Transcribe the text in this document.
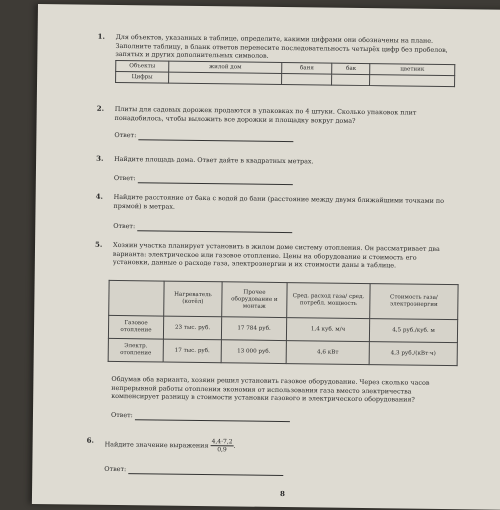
1. Для объектов, указанных в таблице, определите, какими цифрами они обозначены на плане. Заполните таблицу, в бланк ответов перенесите последовательность четырёх цифр без пробелов, запятых и других дополнительных символов.
Объекты	жилой дом	баня	бак	цветник
Цифры				
2. Плиты для садовых дорожек продаются в упаковках по 4 штуки. Сколько упаковок плит понадобилось, чтобы выложить все дорожки и площадку вокруг дома?
Ответ:
3. Найдите площадь дома. Ответ дайте в квадратных метрах.
Ответ:
4. Найдите расстояние от бака с водой до бани (расстояние между двумя ближайшими точками по прямой) в метрах.
Ответ:
5. Хозяин участка планирует установить в жилом доме систему отопления. Он рассматривает два варианта: электрическое или газовое отопление. Цены на оборудование и стоимость его установки, данные о расходе газа, электроэнергии и их стоимости даны в таблице.
	Нагреватель (котёл)	Прочее оборудование и монтаж	Сред. расход газа/ сред. потребл. мощность	Стоимость газа/ электроэнергии
Газовое отопление	23 тыс. руб.	17 784 руб.	1,4 куб. м/ч	4,5 руб./куб. м
Электр. отопление	17 тыс. руб.	13 000 руб.	4,6 кВт	4,3 руб./(кВт·ч)
Обдумав оба варианта, хозяин решил установить газовое оборудование. Через сколько часов непрерывной работы отопления экономия от использования газа вместо электричества компенсирует разницу в стоимости установки газового и электрического оборудования?
Ответ:
6.
Найдите значение выражения $\frac{4,4\cdot 7,2}{0,9}$.
Ответ:
8
